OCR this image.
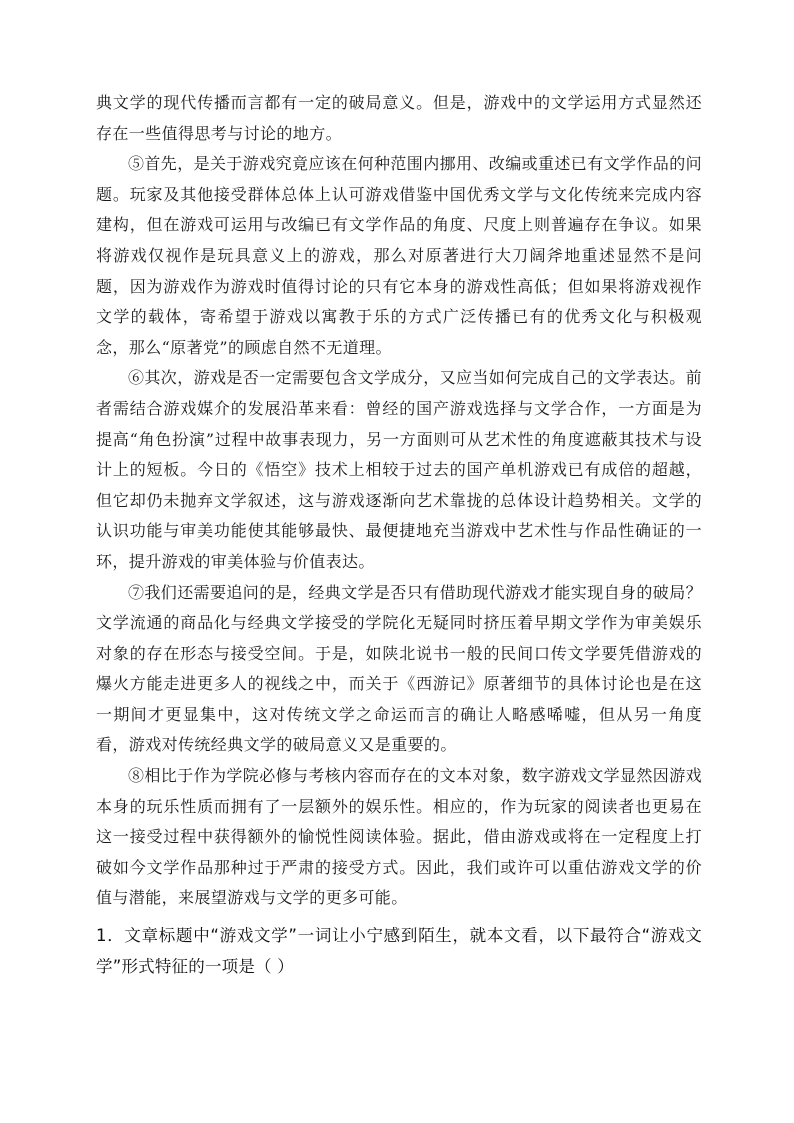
典文学的现代传播而言都有一定的破局意义。但是，游戏中的文学运用方式显然还存在一些值得思考与讨论的地方。

⑤首先，是关于游戏究竟应该在何种范围内挪用、改编或重述已有文学作品的问题。玩家及其他接受群体总体上认可游戏借鉴中国优秀文学与文化传统来完成内容建构，但在游戏可运用与改编已有文学作品的角度、尺度上则普遍存在争议。如果将游戏仅视作是玩具意义上的游戏，那么对原著进行大刀阔斧地重述显然不是问题，因为游戏作为游戏时值得讨论的只有它本身的游戏性高低；但如果将游戏视作文学的载体，寄希望于游戏以寓教于乐的方式广泛传播已有的优秀文化与积极观念，那么“原著党”的顾虑自然不无道理。

⑥其次，游戏是否一定需要包含文学成分，又应当如何完成自己的文学表达。前者需结合游戏媒介的发展沿革来看：曾经的国产游戏选择与文学合作，一方面是为提高“角色扮演”过程中故事表现力，另一方面则可从艺术性的角度遮蔽其技术与设计上的短板。今日的《悟空》技术上相较于过去的国产单机游戏已有成倍的超越，但它却仍未抛弃文学叙述，这与游戏逐渐向艺术靠拢的总体设计趋势相关。文学的认识功能与审美功能使其能够最快、最便捷地充当游戏中艺术性与作品性确证的一环，提升游戏的审美体验与价值表达。

⑦我们还需要追问的是，经典文学是否只有借助现代游戏才能实现自身的破局？文学流通的商品化与经典文学接受的学院化无疑同时挤压着早期文学作为审美娱乐对象的存在形态与接受空间。于是，如陕北说书一般的民间口传文学要凭借游戏的爆火方能走进更多人的视线之中，而关于《西游记》原著细节的具体讨论也是在这一期间才更显集中，这对传统文学之命运而言的确让人略感唏嘘，但从另一角度看，游戏对传统经典文学的破局意义又是重要的。

⑧相比于作为学院必修与考核内容而存在的文本对象，数字游戏文学显然因游戏本身的玩乐性质而拥有了一层额外的娱乐性。相应的，作为玩家的阅读者也更易在这一接受过程中获得额外的愉悦性阅读体验。据此，借由游戏或将在一定程度上打破如今文学作品那种过于严肃的接受方式。因此，我们或许可以重估游戏文学的价值与潜能，来展望游戏与文学的更多可能。

1．文章标题中“游戏文学”一词让小宁感到陌生，就本文看，以下最符合“游戏文学”形式特征的一项是（ ）
